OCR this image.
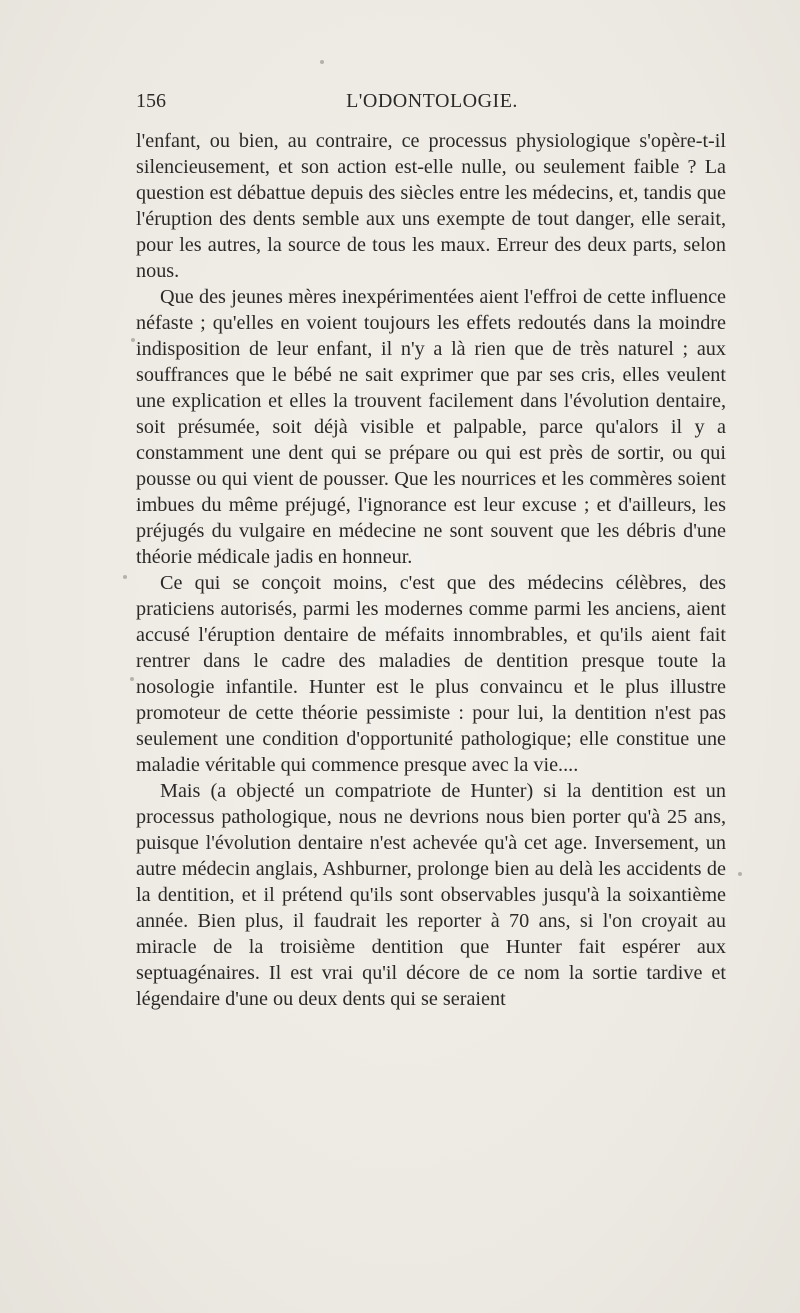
156	L'ODONTOLOGIE.

l'enfant, ou bien, au contraire, ce processus physiologique s'opère-t-il silencieusement, et son action est-elle nulle, ou seulement faible ? La question est débattue depuis des siècles entre les médecins, et, tandis que l'éruption des dents semble aux uns exempte de tout danger, elle serait, pour les autres, la source de tous les maux. Erreur des deux parts, selon nous.

Que des jeunes mères inexpérimentées aient l'effroi de cette influence néfaste ; qu'elles en voient toujours les effets redoutés dans la moindre indisposition de leur enfant, il n'y a là rien que de très naturel ; aux souffrances que le bébé ne sait exprimer que par ses cris, elles veulent une explication et elles la trouvent facilement dans l'évolution dentaire, soit présumée, soit déjà visible et palpable, parce qu'alors il y a constamment une dent qui se prépare ou qui est près de sortir, ou qui pousse ou qui vient de pousser. Que les nourrices et les commères soient imbues du même préjugé, l'ignorance est leur excuse ; et d'ailleurs, les préjugés du vulgaire en médecine ne sont souvent que les débris d'une théorie médicale jadis en honneur.

Ce qui se conçoit moins, c'est que des médecins célèbres, des praticiens autorisés, parmi les modernes comme parmi les anciens, aient accusé l'éruption dentaire de méfaits innombrables, et qu'ils aient fait rentrer dans le cadre des maladies de dentition presque toute la nosologie infantile. Hunter est le plus convaincu et le plus illustre promoteur de cette théorie pessimiste : pour lui, la dentition n'est pas seulement une condition d'opportunité pathologique; elle constitue une maladie véritable qui commence presque avec la vie....

Mais (a objecté un compatriote de Hunter) si la dentition est un processus pathologique, nous ne devrions nous bien porter qu'à 25 ans, puisque l'évolution dentaire n'est achevée qu'à cet age. Inversement, un autre médecin anglais, Ashburner, prolonge bien au delà les accidents de la dentition, et il prétend qu'ils sont observables jusqu'à la soixantième année. Bien plus, il faudrait les reporter à 70 ans, si l'on croyait au miracle de la troisième dentition que Hunter fait espérer aux septuagénaires. Il est vrai qu'il décore de ce nom la sortie tardive et légendaire d'une ou deux dents qui se seraient
